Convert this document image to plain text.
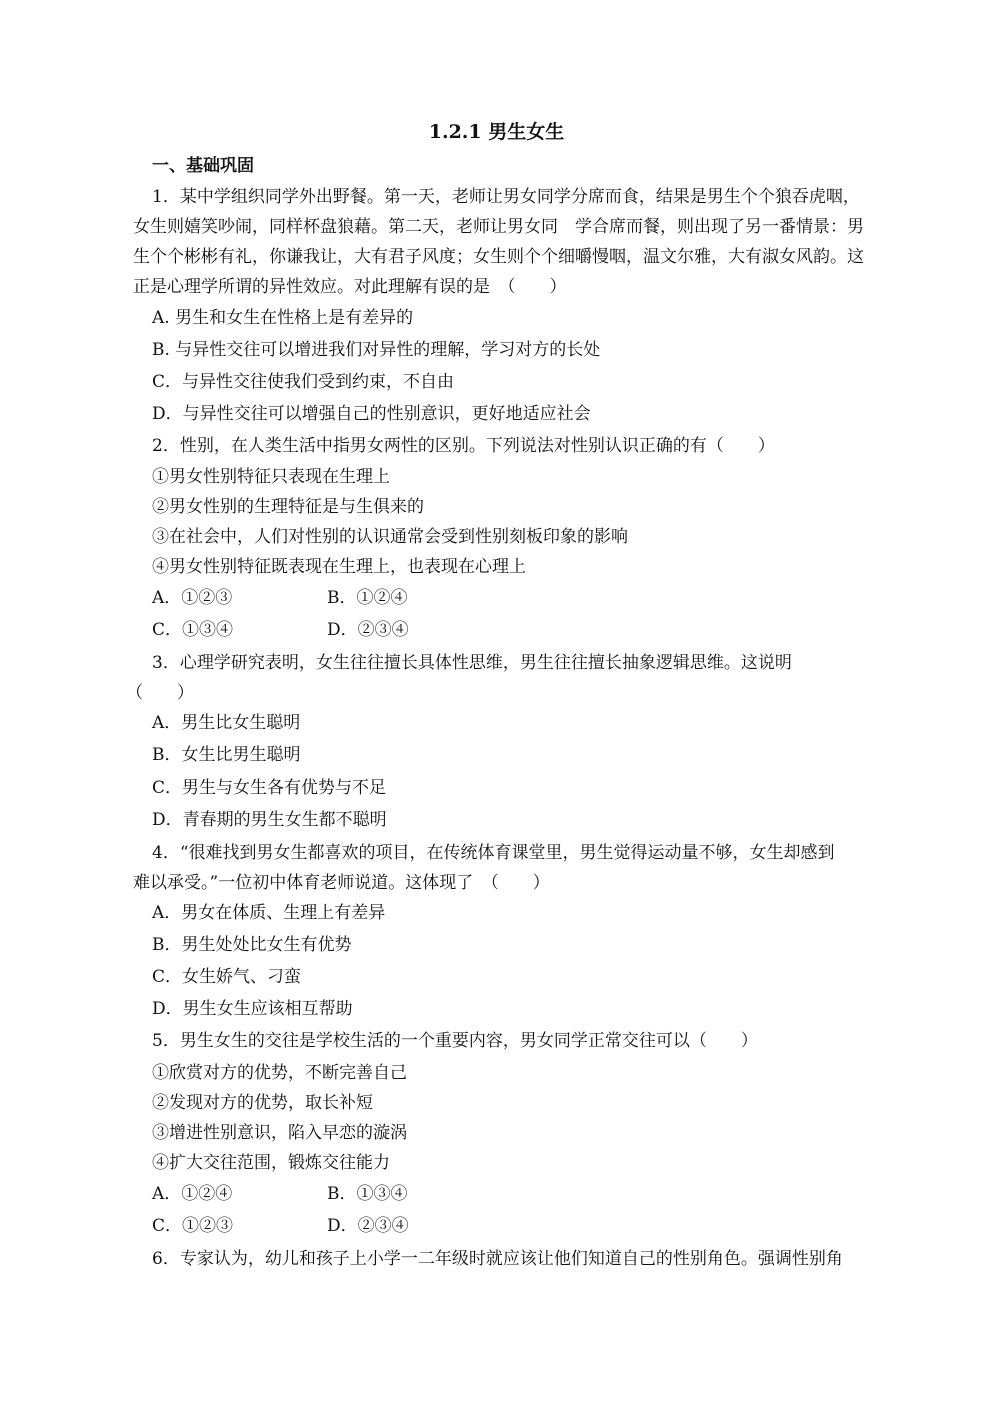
1.2.1 男生女生
一、基础巩固
1．某中学组织同学外出野餐。第一天，老师让男女同学分席而食，结果是男生个个狼吞虎咽，
女生则嬉笑吵闹，同样杯盘狼藉。第二天，老师让男女同　学合席而餐，则出现了另一番情景：男
生个个彬彬有礼，你谦我让，大有君子风度；女生则个个细嚼慢咽，温文尔雅，大有淑女风韵。这
正是心理学所谓的异性效应。对此理解有误的是　（　　）
A. 男生和女生在性格上是有差异的
B. 与异性交往可以增进我们对异性的理解，学习对方的长处
C．与异性交往使我们受到约束，不自由
D．与异性交往可以增强自己的性别意识，更好地适应社会
2．性别，在人类生活中指男女两性的区别。下列说法对性别认识正确的有（　　）
①男女性别特征只表现在生理上
②男女性别的生理特征是与生俱来的
③在社会中，人们对性别的认识通常会受到性别刻板印象的影响
④男女性别特征既表现在生理上，也表现在心理上
A．①②③	B．①②④
C．①③④	D．②③④
3．心理学研究表明，女生往往擅长具体性思维，男生往往擅长抽象逻辑思维。这说明
（　　）
A．男生比女生聪明
B．女生比男生聪明
C．男生与女生各有优势与不足
D．青春期的男生女生都不聪明
4．“很难找到男女生都喜欢的项目，在传统体育课堂里，男生觉得运动量不够，女生却感到
难以承受。”一位初中体育老师说道。这体现了　（　　）
A．男女在体质、生理上有差异
B．男生处处比女生有优势
C．女生娇气、刁蛮
D．男生女生应该相互帮助
5．男生女生的交往是学校生活的一个重要内容，男女同学正常交往可以（　　）
①欣赏对方的优势，不断完善自己
②发现对方的优势，取长补短
③增进性别意识，陷入早恋的漩涡
④扩大交往范围，锻炼交往能力
A．①②④	B．①③④
C．①②③	D．②③④
6．专家认为，幼儿和孩子上小学一二年级时就应该让他们知道自己的性别角色。强调性别角
